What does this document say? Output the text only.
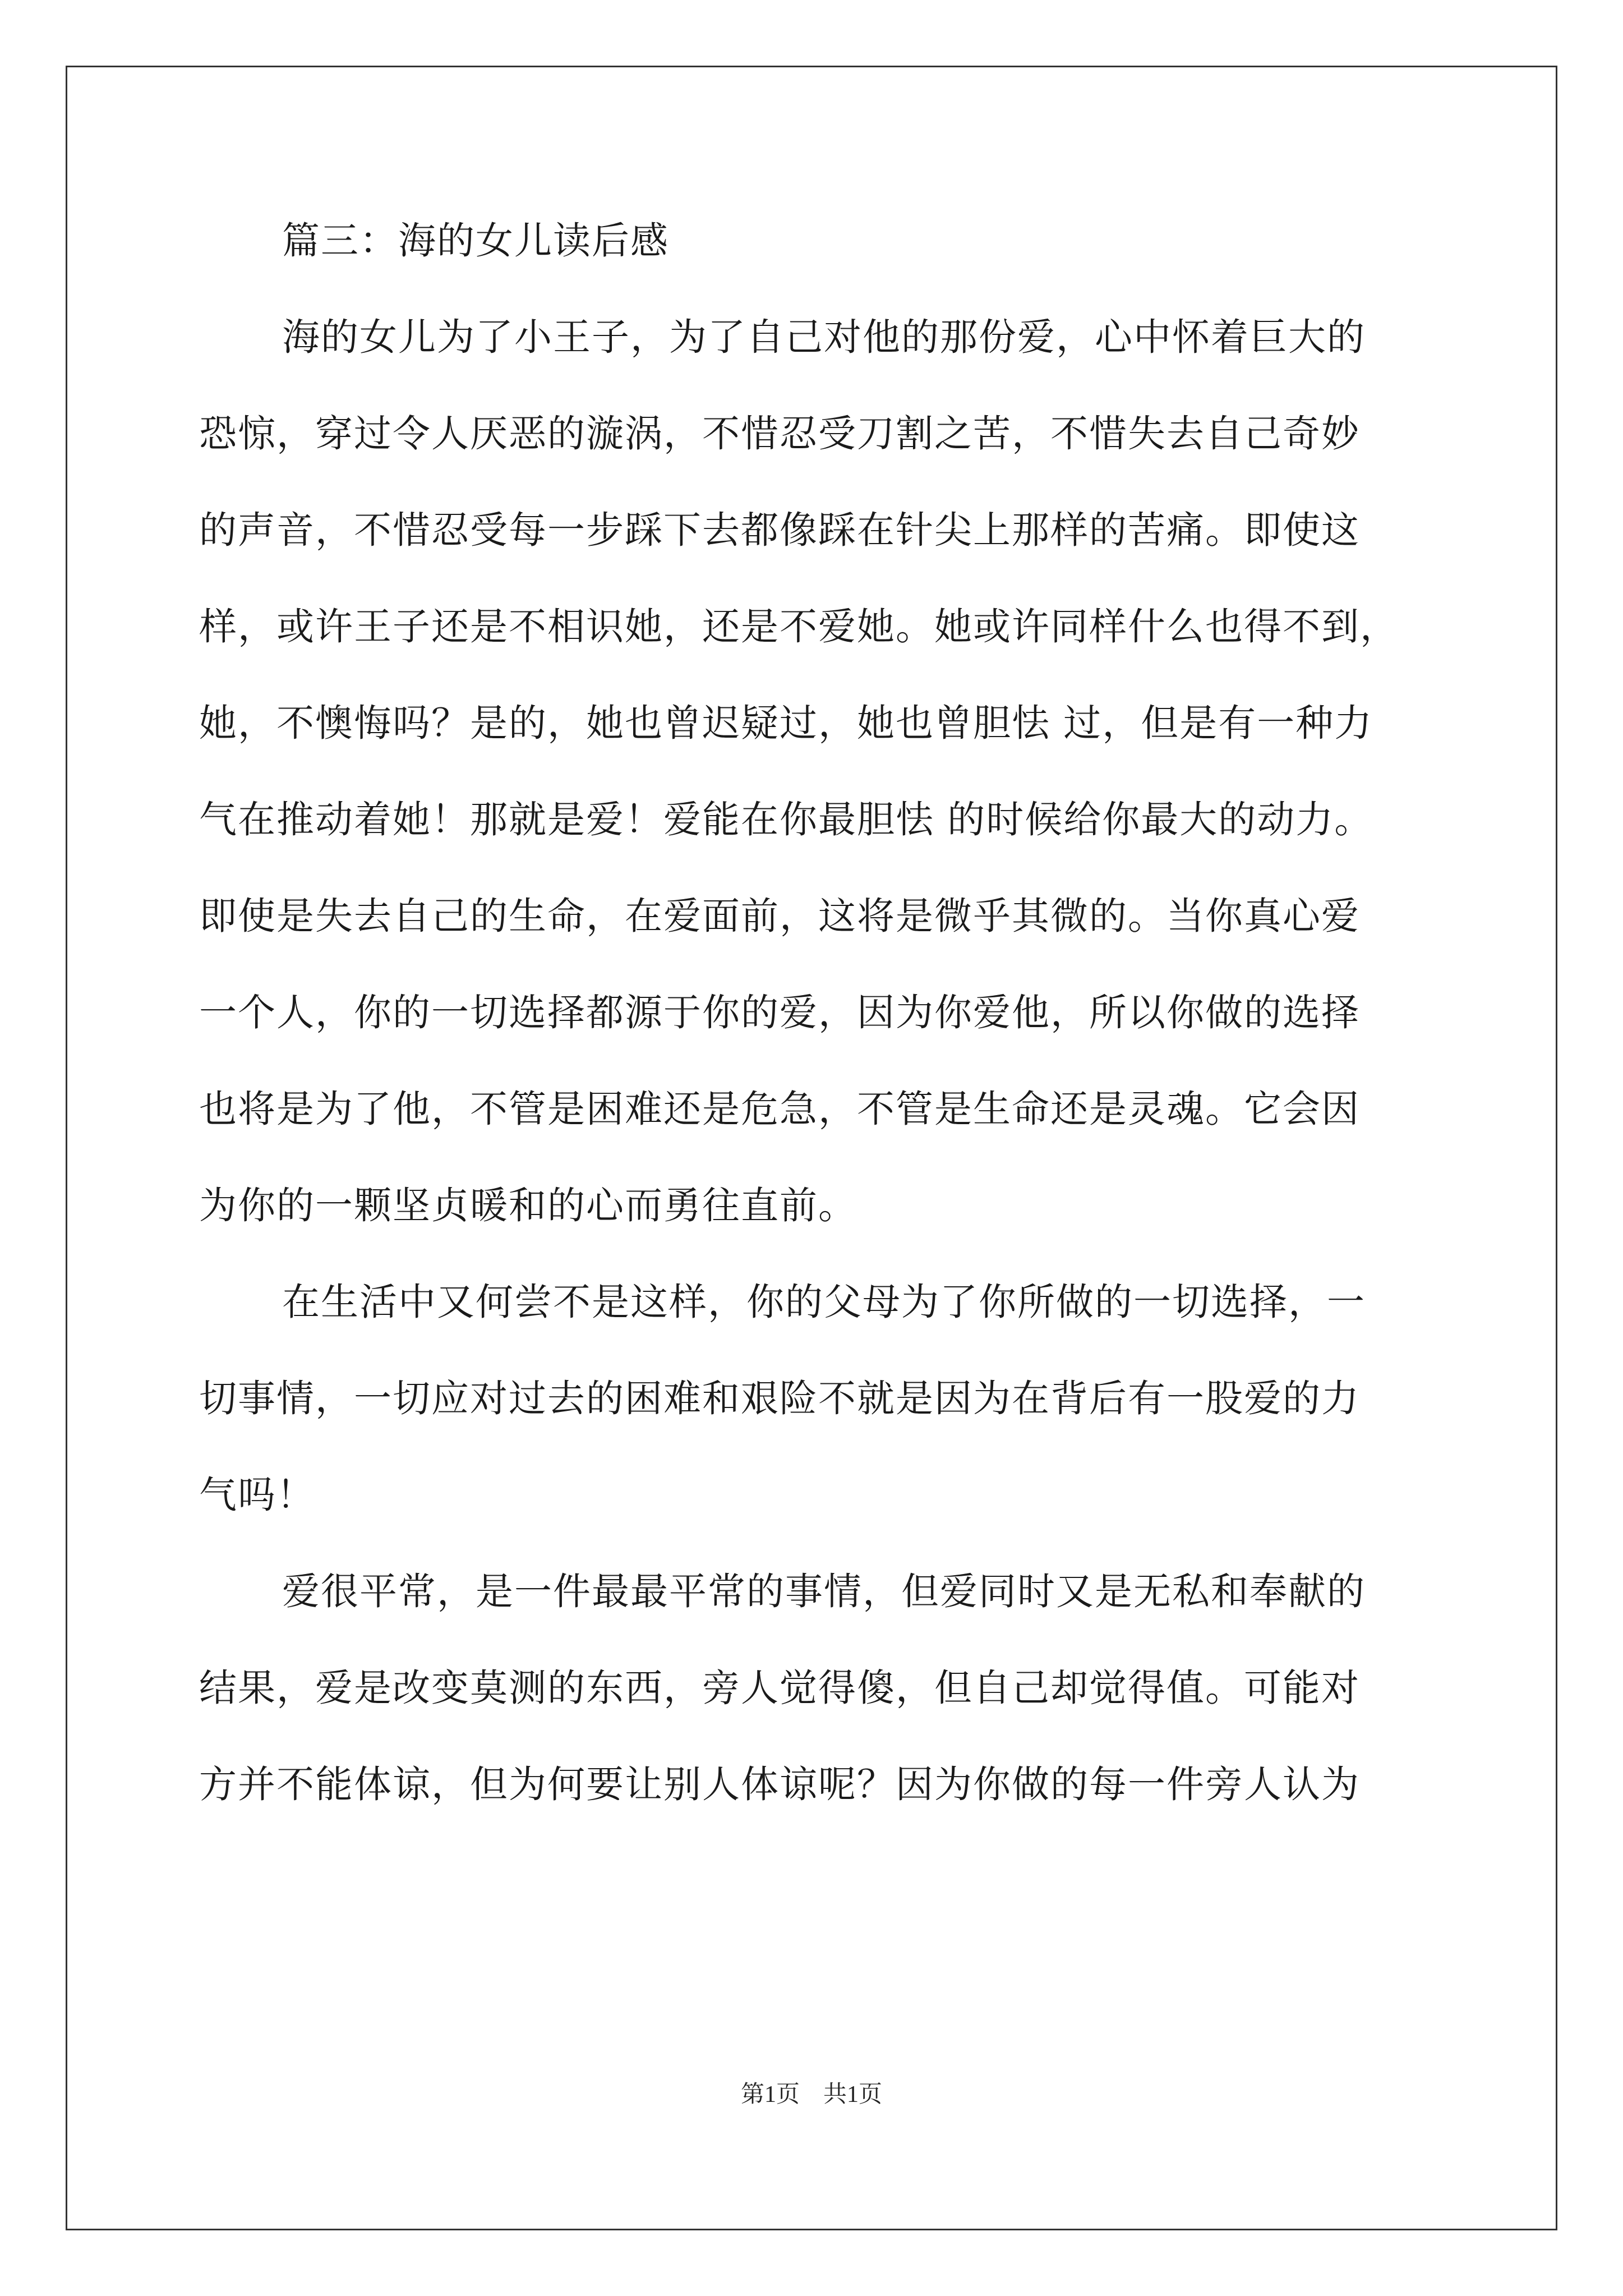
篇三：海的女儿读后感
海的女儿为了小王子，为了自己对他的那份爱，心中怀着巨大的
恐惊，穿过令人厌恶的漩涡，不惜忍受刀割之苦，不惜失去自己奇妙
的声音，不惜忍受每一步踩下去都像踩在针尖上那样的苦痛。即使这
样，或许王子还是不相识她，还是不爱她。她或许同样什么也得不到，
她，不懊悔吗？是的，她也曾迟疑过，她也曾胆怯 过，但是有一种力
气在推动着她！那就是爱！爱能在你最胆怯 的时候给你最大的动力。
即使是失去自己的生命，在爱面前，这将是微乎其微的。当你真心爱
一个人，你的一切选择都源于你的爱，因为你爱他，所以你做的选择
也将是为了他，不管是困难还是危急，不管是生命还是灵魂。它会因
为你的一颗坚贞暖和的心而勇往直前。
在生活中又何尝不是这样，你的父母为了你所做的一切选择，一
切事情，一切应对过去的困难和艰险不就是因为在背后有一股爱的力
气吗！
爱很平常，是一件最最平常的事情，但爱同时又是无私和奉献的
结果，爱是改变莫测的东西，旁人觉得傻，但自己却觉得值。可能对
方并不能体谅，但为何要让别人体谅呢？因为你做的每一件旁人认为
第1页　共1页
